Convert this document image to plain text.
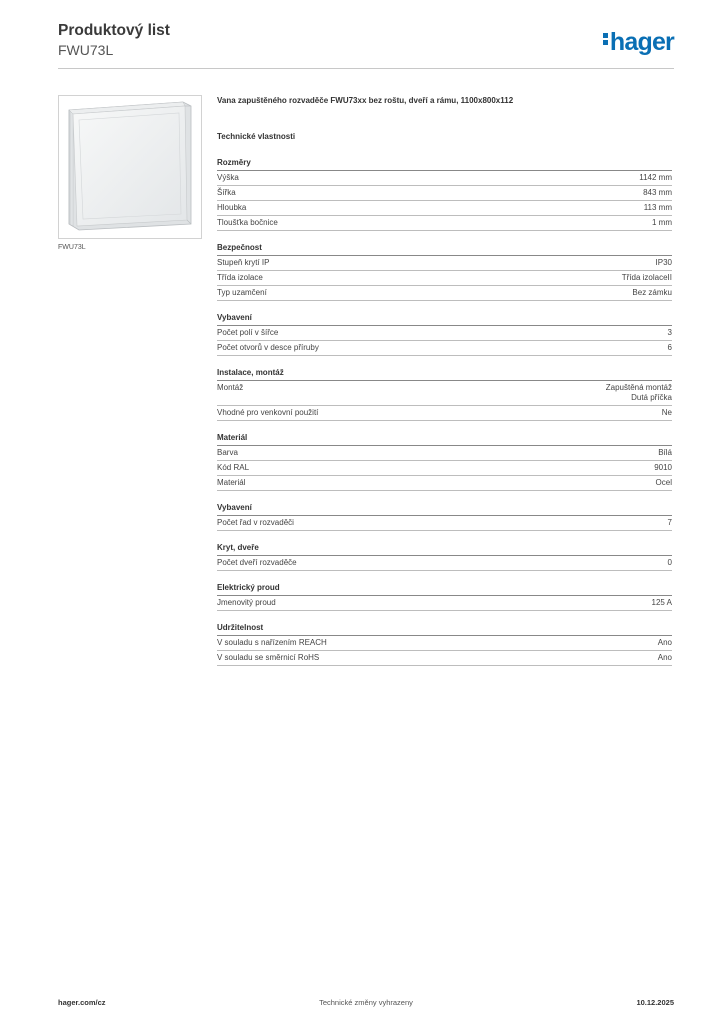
Produktový list
FWU73L	hager
FWU73L
Vana zapuštěného rozvaděče FWU73xx bez roštu, dveří a rámu, 1100x800x112
Technické vlastnosti
Rozměry
Výška	1142 mm
Šířka	843 mm
Hloubka	113 mm
Tloušťka bočnice	1 mm
Bezpečnost
Stupeň krytí IP	IP30
Třída izolace	Třída izolaceII
Typ uzamčení	Bez zámku
Vybavení
Počet polí v šířce	3
Počet otvorů v desce příruby	6
Instalace, montáž
Montáž	Zapuštěná montáž
Dutá příčka
Vhodné pro venkovní použití	Ne
Materiál
Barva	Bílá
Kód RAL	9010
Materiál	Ocel
Vybavení
Počet řad v rozvaděči	7
Kryt, dveře
Počet dveří rozvaděče	0
Elektrický proud
Jmenovitý proud	125 A
Udržitelnost
V souladu s nařízením REACH	Ano
V souladu se směrnicí RoHS	Ano
hager.com/cz	Technické změny vyhrazeny	10.12.2025
